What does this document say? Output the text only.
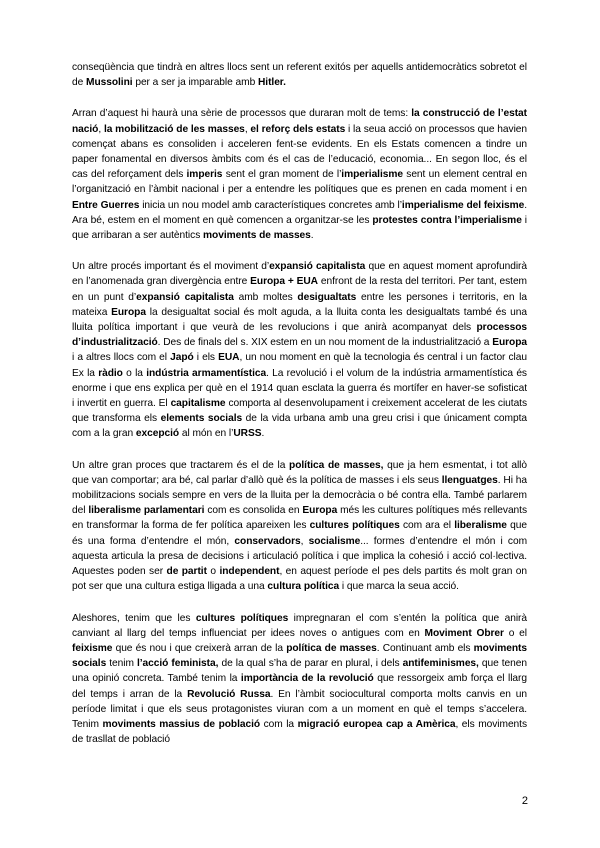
conseqüència que tindrà en altres llocs sent un referent exitós per aquells antidemocràtics sobretot el de Mussolini per a ser ja imparable amb Hitler.

Arran d’aquest hi haurà una sèrie de processos que duraran molt de tems: la construcció de l’estat nació, la mobilització de les masses, el reforç dels estats i la seua acció on processos que havien començat abans es consoliden i acceleren fent-se evidents. En els Estats comencen a tindre un paper fonamental en diversos àmbits com és el cas de l’educació, economia... En segon lloc, és el cas del reforçament dels imperis sent el gran moment de l’imperialisme sent un element central en l’organització en l’àmbit nacional i per a entendre les polítiques que es prenen en cada moment i en Entre Guerres inicia un nou model amb característiques concretes amb l’imperialisme del feixisme. Ara bé, estem en el moment en què comencen a organitzar-se les protestes contra l’imperialisme i que arribaran a ser autèntics moviments de masses.

Un altre procés important és el moviment d’expansió capitalista que en aquest moment aprofundirà en l’anomenada gran divergència entre Europa + EUA enfront de la resta del territori. Per tant, estem en un punt d’expansió capitalista amb moltes desigualtats entre les persones i territoris, en la mateixa Europa la desigualtat social és molt aguda, a la lluita conta les desigualtats també és una lluita política important i que veurà de les revolucions i que anirà acompanyat dels processos d’industrialització. Des de finals del s. XIX estem en un nou moment de la industrialització a Europa i a altres llocs com el Japó i els EUA, un nou moment en què la tecnologia és central i un factor clau Ex la ràdio o la indústria armamentística. La revolució i el volum de la indústria armamentística és enorme i que ens explica per què en el 1914 quan esclata la guerra és mortífer en haver-se sofisticat i invertit en guerra. El capitalisme comporta al desenvolupament i creixement accelerat de les ciutats que transforma els elements socials de la vida urbana amb una greu crisi i que únicament compta com a la gran excepció al món en l’URSS.

Un altre gran proces que tractarem és el de la política de masses, que ja hem esmentat, i tot allò que van comportar; ara bé, cal parlar d’allò què és la política de masses i els seus llenguatges. Hi ha mobilitzacions socials sempre en vers de la lluita per la democràcia o bé contra ella. També parlarem del liberalisme parlamentari com es consolida en Europa més les cultures polítiques més rellevants en transformar la forma de fer política apareixen les cultures polítiques com ara el liberalisme que és una forma d’entendre el món, conservadors, socialisme... formes d’entendre el món i com aquesta articula la presa de decisions i articulació política i que implica la cohesió i acció col·lectiva. Aquestes poden ser de partit o independent, en aquest període el pes dels partits és molt gran on pot ser que una cultura estiga lligada a una cultura política i que marca la seua acció.

Aleshores, tenim que les cultures polítiques impregnaran el com s’entén la política que anirà canviant al llarg del temps influenciat per idees noves o antigues com en Moviment Obrer o el feixisme que és nou i que creixerà arran de la política de masses. Continuant amb els moviments socials tenim l’acció feminista, de la qual s’ha de parar en plural, i dels antifeminismes, que tenen una opinió concreta. També tenim la importància de la revolució que ressorgeix amb força el llarg del temps i arran de la Revolució Russa. En l’àmbit sociocultural comporta molts canvis en un període limitat i que els seus protagonistes viuran com a un moment en què el temps s’accelera. Tenim moviments massius de població com la migració europea cap a Amèrica, els moviments de trasllat de població

2
